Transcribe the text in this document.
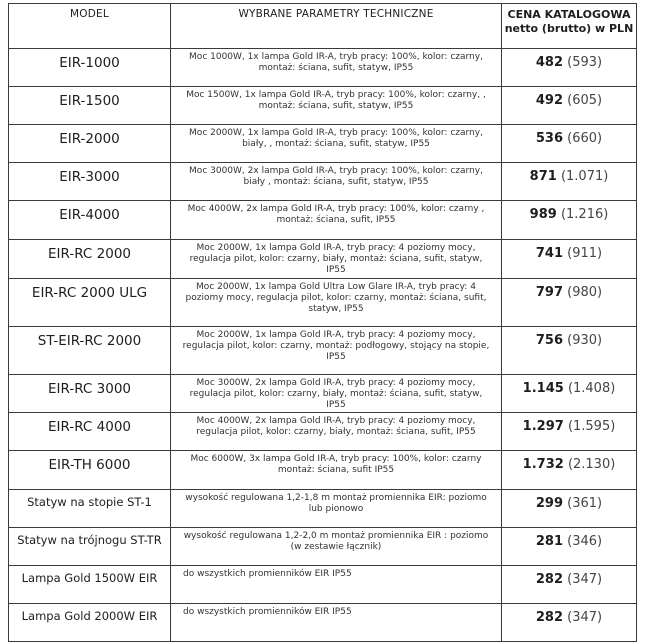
MODEL	WYBRANE PARAMETRY TECHNICZNE	CENA KATALOGOWA
netto (brutto) w PLN

EIR-1000	Moc 1000W, 1x lampa Gold IR-A, tryb pracy: 100%, kolor: czarny, montaż: ściana, sufit, statyw, IP55	482 (593)
EIR-1500	Moc 1500W, 1x lampa Gold IR-A, tryb pracy: 100%, kolor: czarny, , montaż: ściana, sufit, statyw, IP55	492 (605)
EIR-2000	Moc 2000W, 1x lampa Gold IR-A, tryb pracy: 100%, kolor: czarny, biały, , montaż: ściana, sufit, statyw, IP55	536 (660)
EIR-3000	Moc 3000W, 2x lampa Gold IR-A, tryb pracy: 100%, kolor: czarny, biały , montaż: ściana, sufit, statyw, IP55	871 (1.071)
EIR-4000	Moc 4000W, 2x lampa Gold IR-A, tryb pracy: 100%, kolor: czarny , montaż: ściana, sufit, IP55	989 (1.216)
EIR-RC 2000	Moc 2000W, 1x lampa Gold IR-A, tryb pracy: 4 poziomy mocy, regulacja pilot, kolor: czarny, biały, montaż: ściana, sufit, statyw, IP55	741 (911)
EIR-RC 2000 ULG	Moc 2000W, 1x lampa Gold Ultra Low Glare IR-A, tryb pracy: 4 poziomy mocy, regulacja pilot, kolor: czarny, montaż: ściana, sufit, statyw, IP55	797 (980)
ST-EIR-RC 2000	Moc 2000W, 1x lampa Gold IR-A, tryb pracy: 4 poziomy mocy, regulacja pilot, kolor: czarny, montaż: podłogowy, stojący na stopie, IP55	756 (930)
EIR-RC 3000	Moc 3000W, 2x lampa Gold IR-A, tryb pracy: 4 poziomy mocy, regulacja pilot, kolor: czarny, biały, montaż: ściana, sufit, statyw, IP55	1.145 (1.408)
EIR-RC 4000	Moc 4000W, 2x lampa Gold IR-A, tryb pracy: 4 poziomy mocy, regulacja pilot, kolor: czarny, biały, montaż: ściana, sufit, IP55	1.297 (1.595)
EIR-TH 6000	Moc 6000W, 3x lampa Gold IR-A, tryb pracy: 100%, kolor: czarny montaż: ściana, sufit IP55	1.732 (2.130)
Statyw na stopie ST-1	wysokość regulowana 1,2-1,8 m montaż promiennika EIR: poziomo lub pionowo	299 (361)
Statyw na trójnogu ST-TR	wysokość regulowana 1,2-2,0 m montaż promiennika EIR : poziomo (w zestawie łącznik)	281 (346)
Lampa Gold 1500W EIR	do wszystkich promienników EIR IP55	282 (347)
Lampa Gold 2000W EIR	do wszystkich promienników EIR IP55	282 (347)
